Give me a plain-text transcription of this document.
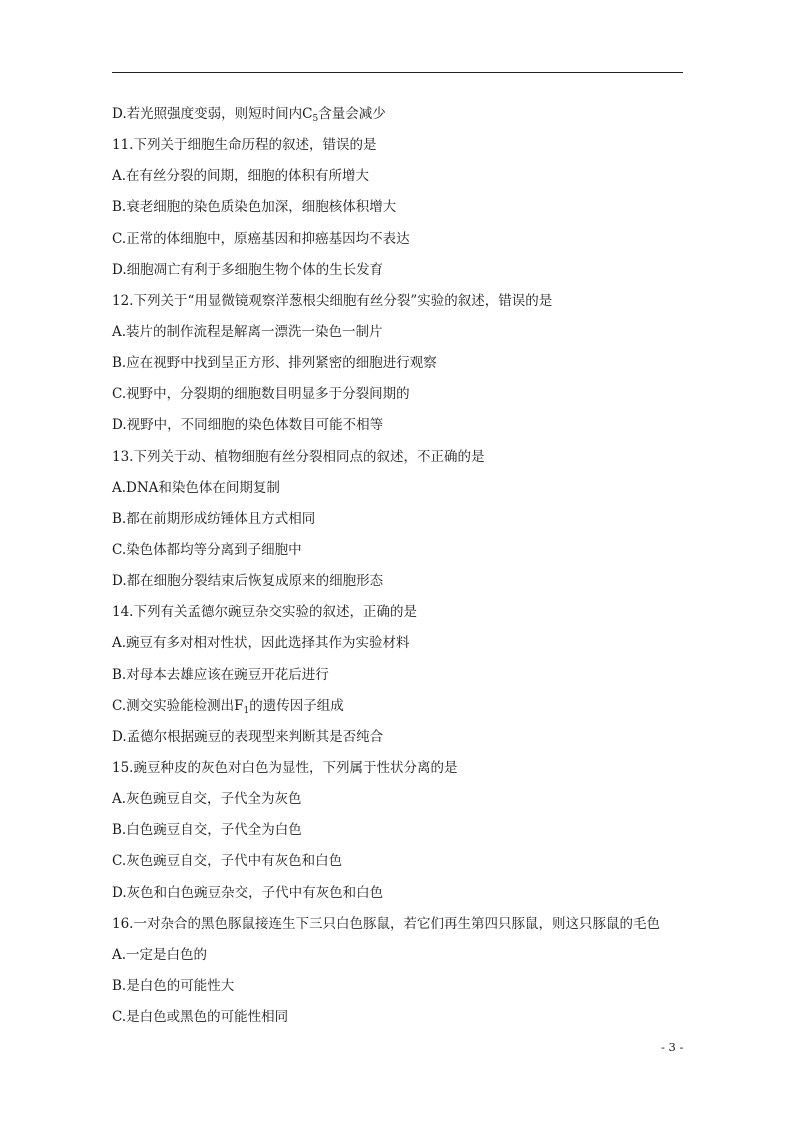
D.若光照强度变弱，则短时间内$C_5$含量会减少
11.下列关于细胞生命历程的叙述，错误的是
A.在有丝分裂的间期，细胞的体积有所增大
B.衰老细胞的染色质染色加深，细胞核体积增大
C.正常的体细胞中，原癌基因和抑癌基因均不表达
D.细胞凋亡有利于多细胞生物个体的生长发育
12.下列关于“用显微镜观察洋葱根尖细胞有丝分裂”实验的叙述，错误的是
A.装片的制作流程是解离一漂洗一染色一制片
B.应在视野中找到呈正方形、排列紧密的细胞进行观察
C.视野中，分裂期的细胞数目明显多于分裂间期的
D.视野中，不同细胞的染色体数目可能不相等
13.下列关于动、植物细胞有丝分裂相同点的叙述，不正确的是
A.DNA和染色体在间期复制
B.都在前期形成纺锤体且方式相同
C.染色体都均等分离到子细胞中
D.都在细胞分裂结束后恢复成原来的细胞形态
14.下列有关孟德尔豌豆杂交实验的叙述，正确的是
A.豌豆有多对相对性状，因此选择其作为实验材料
B.对母本去雄应该在豌豆开花后进行
C.测交实验能检测出$F_1$的遗传因子组成
D.孟德尔根据豌豆的表现型来判断其是否纯合
15.豌豆种皮的灰色对白色为显性，下列属于性状分离的是
A.灰色豌豆自交，子代全为灰色
B.白色豌豆自交，子代全为白色
C.灰色豌豆自交，子代中有灰色和白色
D.灰色和白色豌豆杂交，子代中有灰色和白色
16.一对杂合的黑色豚鼠接连生下三只白色豚鼠，若它们再生第四只豚鼠，则这只豚鼠的毛色
A.一定是白色的
B.是白色的可能性大
C.是白色或黑色的可能性相同
- 3 -
